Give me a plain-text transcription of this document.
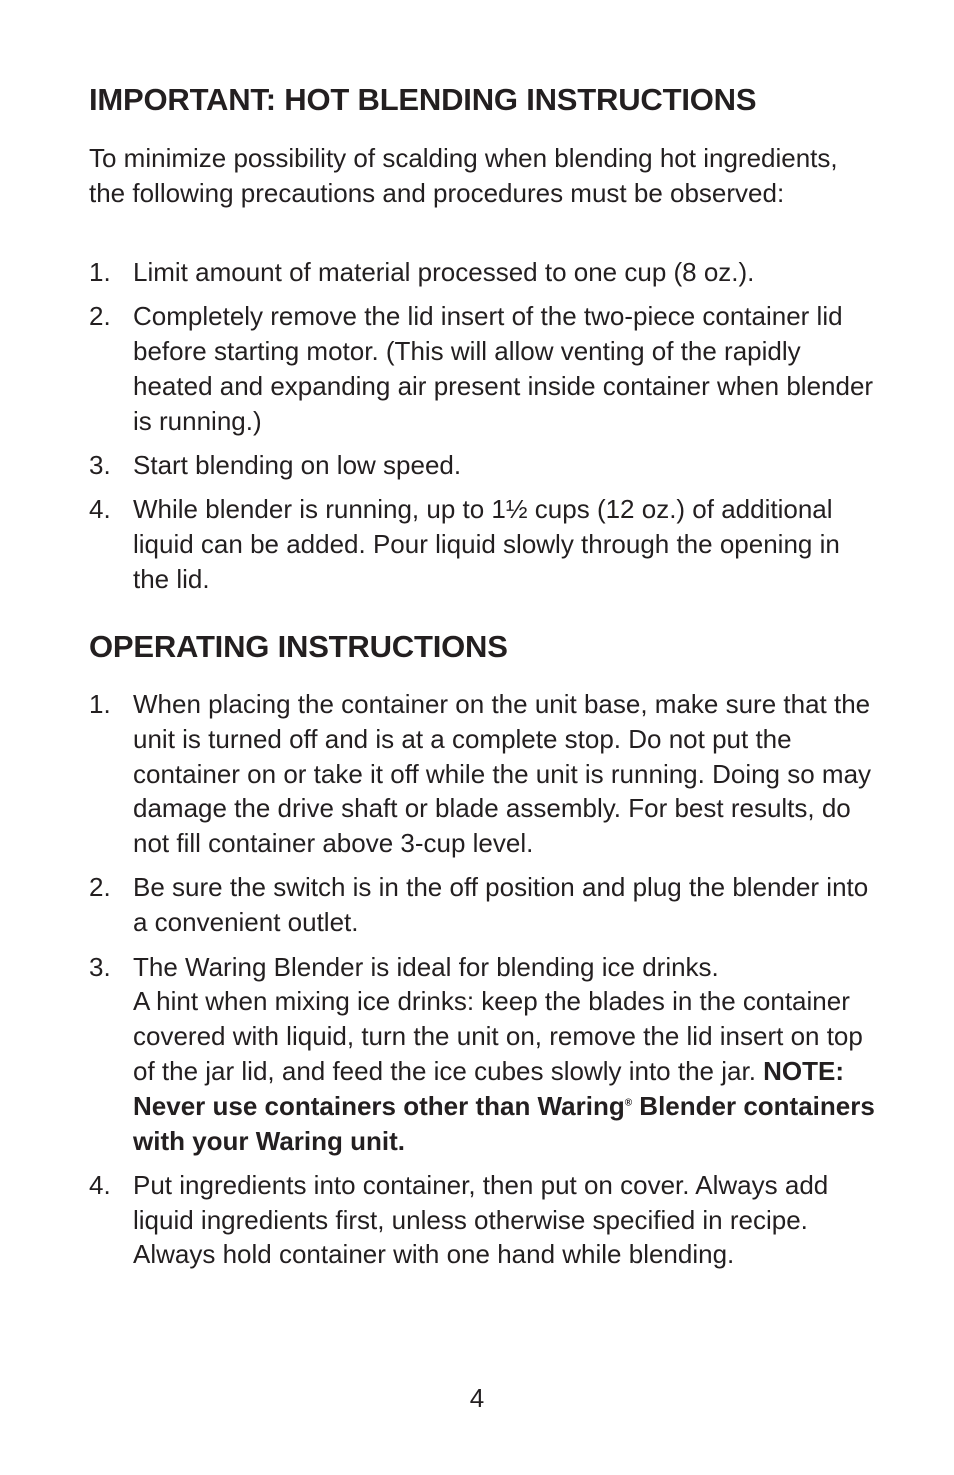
IMPORTANT: HOT BLENDING INSTRUCTIONS

To minimize possibility of scalding when blending hot ingredients, the following precautions and procedures must be observed:

1. Limit amount of material processed to one cup (8 oz.).
2. Completely remove the lid insert of the two-piece container lid before starting motor. (This will allow venting of the rapidly heated and expanding air present inside container when blender is running.)
3. Start blending on low speed.
4. While blender is running, up to 1½ cups (12 oz.) of additional liquid can be added. Pour liquid slowly through the opening in the lid.
OPERATING INSTRUCTIONS
1. When placing the container on the unit base, make sure that the unit is turned off and is at a complete stop. Do not put the container on or take it off while the unit is running. Doing so may damage the drive shaft or blade assembly. For best results, do not fill container above 3-cup level.
2. Be sure the switch is in the off position and plug the blender into a convenient outlet.
3. The Waring Blender is ideal for blending ice drinks.
A hint when mixing ice drinks: keep the blades in the container covered with liquid, turn the unit on, remove the lid insert on top of the jar lid, and feed the ice cubes slowly into the jar. NOTE: Never use containers other than Waring® Blender containers with your Waring unit.
4. Put ingredients into container, then put on cover. Always add liquid ingredients first, unless otherwise specified in recipe. Always hold container with one hand while blending.
4
